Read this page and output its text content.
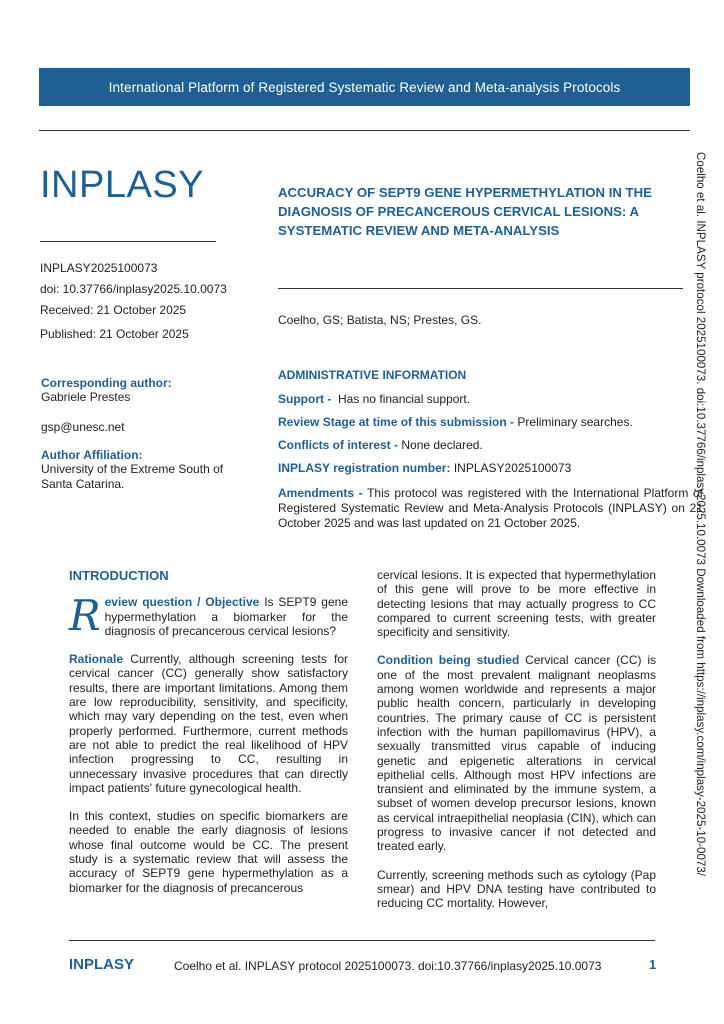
International Platform of Registered Systematic Review and Meta-analysis Protocols
INPLASY
INPLASY2025100073
doi: 10.37766/inplasy2025.10.0073
Received: 21 October 2025
Published: 21 October 2025
Corresponding author:
Gabriele Prestes
gsp@unesc.net
Author Affiliation:
University of the Extreme South of Santa Catarina.
ACCURACY OF SEPT9 GENE HYPERMETHYLATION IN THE DIAGNOSIS OF PRECANCEROUS CERVICAL LESIONS: A SYSTEMATIC REVIEW AND META-ANALYSIS
Coelho, GS; Batista, NS; Prestes, GS.
ADMINISTRATIVE INFORMATION
Support - Has no financial support.
Review Stage at time of this submission - Preliminary searches.
Conflicts of interest - None declared.
INPLASY registration number: INPLASY2025100073
Amendments - This protocol was registered with the International Platform of Registered Systematic Review and Meta-Analysis Protocols (INPLASY) on 21 October 2025 and was last updated on 21 October 2025.
INTRODUCTION

Review question / Objective Is SEPT9 gene hypermethylation a biomarker for the diagnosis of precancerous cervical lesions?

Rationale Currently, although screening tests for cervical cancer (CC) generally show satisfactory results, there are important limitations. Among them are low reproducibility, sensitivity, and specificity, which may vary depending on the test, even when properly performed. Furthermore, current methods are not able to predict the real likelihood of HPV infection progressing to CC, resulting in unnecessary invasive procedures that can directly impact patients' future gynecological health.

In this context, studies on specific biomarkers are needed to enable the early diagnosis of lesions whose final outcome would be CC. The present study is a systematic review that will assess the accuracy of SEPT9 gene hypermethylation as a biomarker for the diagnosis of precancerous

cervical lesions. It is expected that hypermethylation of this gene will prove to be more effective in detecting lesions that may actually progress to CC compared to current screening tests, with greater specificity and sensitivity.

Condition being studied Cervical cancer (CC) is one of the most prevalent malignant neoplasms among women worldwide and represents a major public health concern, particularly in developing countries. The primary cause of CC is persistent infection with the human papillomavirus (HPV), a sexually transmitted virus capable of inducing genetic and epigenetic alterations in cervical epithelial cells. Although most HPV infections are transient and eliminated by the immune system, a subset of women develop precursor lesions, known as cervical intraepithelial neoplasia (CIN), which can progress to invasive cancer if not detected and treated early.

Currently, screening methods such as cytology (Pap smear) and HPV DNA testing have contributed to reducing CC mortality. However,

INPLASY	Coelho et al. INPLASY protocol 2025100073. doi:10.37766/inplasy2025.10.0073	1
Coelho et al. INPLASY protocol 2025100073. doi:10.37766/inplasy2025.10.0073 Downloaded from https://inplasy.com/inplasy-2025-10-0073/
